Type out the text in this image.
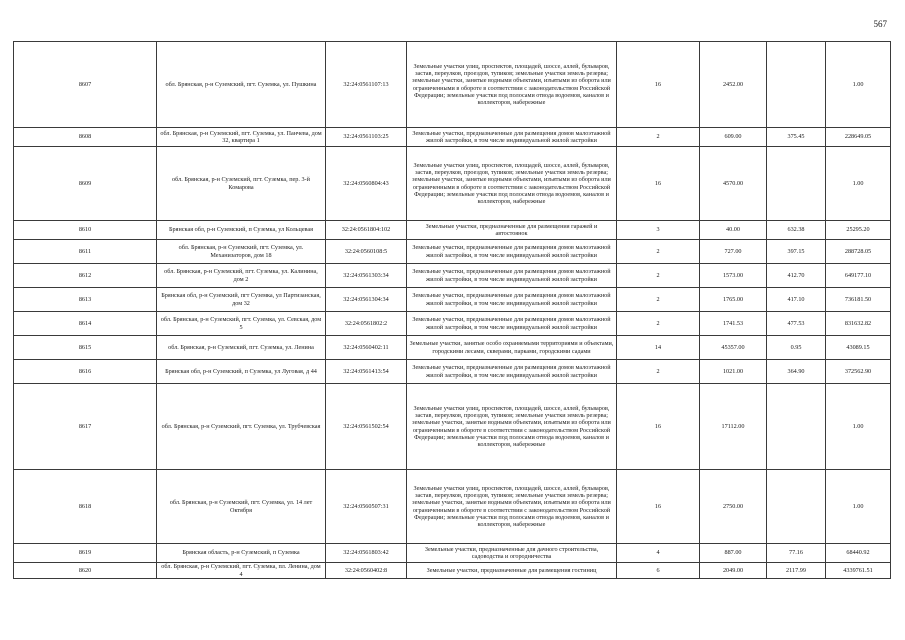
567
8607	обл. Брянская, р-н Суземский, пгт. Суземка, ул. Пушкина	32:24:0561107:13	Земельные участки улиц, проспектов, площадей, шоссе, аллей, бульваров, застав, переулков, проездов, тупиков; земельные участки земель резерва; земельные участки, занятые водными объектами, изъятыми из оборота или ограниченными в обороте в соответствии с законодательством Российской Федерации; земельные участки под полосами отвода водоемов, каналов и коллекторов, набережные	16	2452.00		1.00
8608	обл. Брянская, р-н Суземский, пгт. Суземка, ул. Панчева, дом 32, квартира 1	32:24:0561103:25	Земельные участки, предназначенные для размещения домов малоэтажной жилой застройки, в том числе индивидуальной жилой застройки	2	609.00	375.45	228649.05
8609	обл. Брянская, р-н Суземский, пгт. Суземка, пер. 3-й Комарова	32:24:0560804:43	Земельные участки улиц, проспектов, площадей, шоссе, аллей, бульваров, застав, переулков, проездов, тупиков; земельные участки земель резерва; земельные участки, занятые водными объектами, изъятыми из оборота или ограниченными в обороте в соответствии с законодательством Российской Федерации; земельные участки под полосами отвода водоемов, каналов и коллекторов, набережные	16	4570.00		1.00
8610	Брянская обл, р-н Суземский, п Суземка, ул Кольцевая	32:24:0561804:102	Земельные участки, предназначенные для размещения гаражей и автостоянок	3	40.00	632.38	25295.20
8611	обл. Брянская, р-н Суземский, пгт. Суземка, ул. Механизаторов, дом 18	32:24:0560108:5	Земельные участки, предназначенные для размещения домов малоэтажной жилой застройки, в том числе индивидуальной жилой застройки	2	727.00	397.15	288728.05
8612	обл. Брянская, р-н Суземский, пгт. Суземка, ул. Калинина, дом 2	32:24:0561303:34	Земельные участки, предназначенные для размещения домов малоэтажной жилой застройки, в том числе индивидуальной жилой застройки	2	1573.00	412.70	649177.10
8613	Брянская обл, р-н Суземский, пгт Суземка, ул Партизанская, дом 32	32:24:0561304:34	Земельные участки, предназначенные для размещения домов малоэтажной жилой застройки, в том числе индивидуальной жилой застройки	2	1765.00	417.10	736181.50
8614	обл. Брянская, р-н Суземский, пгт. Суземка, ул. Севская, дом 5	32:24:0561802:2	Земельные участки, предназначенные для размещения домов малоэтажной жилой застройки, в том числе индивидуальной жилой застройки	2	1741.53	477.53	831632.82
8615	обл. Брянская, р-н Суземский, пгт. Суземка, ул. Ленина	32:24:0560402:11	Земельные участки, занятые особо охраняемыми территориями и объектами, городскими лесами, скверами, парками, городскими садами	14	45357.00	0.95	43089.15
8616	Брянская обл, р-н Суземский, п Суземка, ул Луговая, д 44	32:24:0561413:54	Земельные участки, предназначенные для размещения домов малоэтажной жилой застройки, в том числе индивидуальной жилой застройки	2	1021.00	364.90	372562.90
8617	обл. Брянская, р-н Суземский, пгт. Суземка, ул. Трубчевская	32:24:0561502:54	Земельные участки улиц, проспектов, площадей, шоссе, аллей, бульваров, застав, переулков, проездов, тупиков; земельные участки земель резерва; земельные участки, занятые водными объектами, изъятыми из оборота или ограниченными в обороте в соответствии с законодательством Российской Федерации; земельные участки под полосами отвода водоемов, каналов и коллекторов, набережные	16	17112.00		1.00
8618	обл. Брянская, р-н Суземский, пгт. Суземка, ул. 14 лет Октября	32:24:0560507:31	Земельные участки улиц, проспектов, площадей, шоссе, аллей, бульваров, застав, переулков, проездов, тупиков; земельные участки земель резерва; земельные участки, занятые водными объектами, изъятыми из оборота или ограниченными в обороте в соответствии с законодательством Российской Федерации; земельные участки под полосами отвода водоемов, каналов и коллекторов, набережные	16	2750.00		1.00
8619	Брянская область, р-н Суземский, п Суземка	32:24:0561803:42	Земельные участки, предназначенные для дачного строительства, садоводства и огородничества	4	887.00	77.16	68440.92
8620	обл. Брянская, р-н Суземский, пгт. Суземка, пл. Ленина, дом 4	32:24:0560402:8	Земельные участки, предназначенные для размещения гостиниц	6	2049.00	2117.99	4339761.51
